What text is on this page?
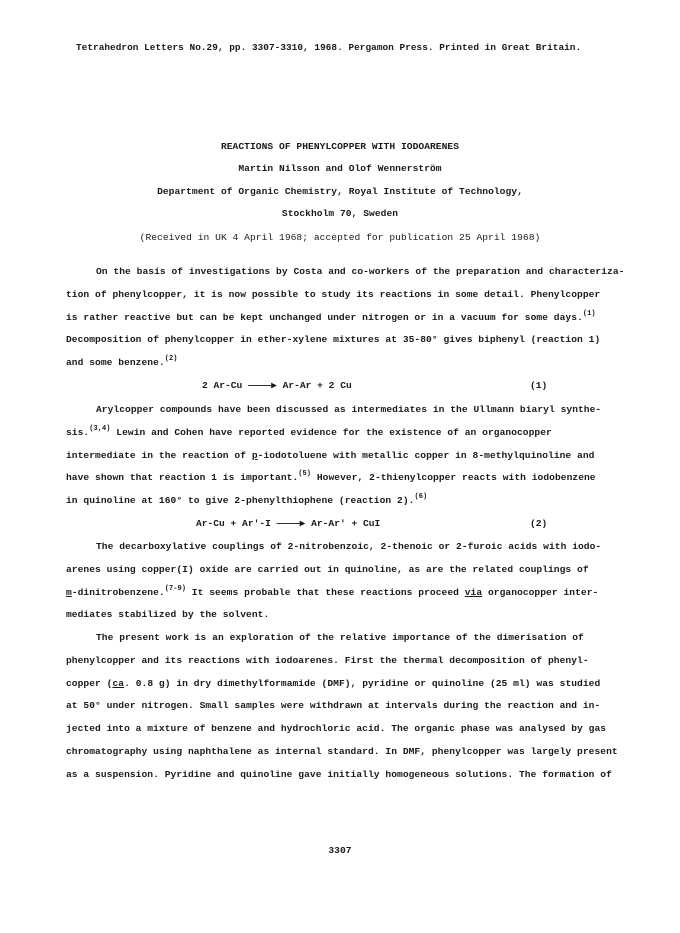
Tetrahedron Letters No.29, pp. 3307-3310, 1968. Pergamon Press. Printed in Great Britain.
REACTIONS OF PHENYLCOPPER WITH IODOARENES
Martin Nilsson and Olof Wennerström
Department of Organic Chemistry, Royal Institute of Technology,
Stockholm 70, Sweden
(Received in UK 4 April 1968; accepted for publication 25 April 1968)
On the basis of investigations by Costa and co-workers of the preparation and characteriza-
tion of phenylcopper, it is now possible to study its reactions in some detail. Phenylcopper
is rather reactive but can be kept unchanged under nitrogen or in a vacuum for some days.$^{(1)}$
Decomposition of phenylcopper in ether-xylene mixtures at 35-80° gives biphenyl (reaction 1)
and some benzene.$^{(2)}$
2 Ar-Cu ————▶ Ar-Ar + 2 Cu	(1)
Arylcopper compounds have been discussed as intermediates in the Ullmann biaryl synthe-
sis.$^{(3,4)}$ Lewin and Cohen have reported evidence for the existence of an organocopper
intermediate in the reaction of p-iodotoluene with metallic copper in 8-methylquinoline and
have shown that reaction 1 is important.$^{(5)}$ However, 2-thienylcopper reacts with iodobenzene
in quinoline at 160° to give 2-phenylthiophene (reaction 2).$^{(6)}$
Ar-Cu + Ar'-I ————▶ Ar-Ar' + CuI	(2)
The decarboxylative couplings of 2-nitrobenzoic, 2-thenoic or 2-furoic acids with iodo-
arenes using copper(I) oxide are carried out in quinoline, as are the related couplings of
m-dinitrobenzene.$^{(7-9)}$ It seems probable that these reactions proceed via organocopper inter-
mediates stabilized by the solvent.
The present work is an exploration of the relative importance of the dimerisation of
phenylcopper and its reactions with iodoarenes. First the thermal decomposition of phenyl-
copper (ca. 0.8 g) in dry dimethylformamide (DMF), pyridine or quinoline (25 ml) was studied
at 50° under nitrogen. Small samples were withdrawn at intervals during the reaction and in-
jected into a mixture of benzene and hydrochloric acid. The organic phase was analysed by gas
chromatography using naphthalene as internal standard. In DMF, phenylcopper was largely present
as a suspension. Pyridine and quinoline gave initially homogeneous solutions. The formation of
3307
